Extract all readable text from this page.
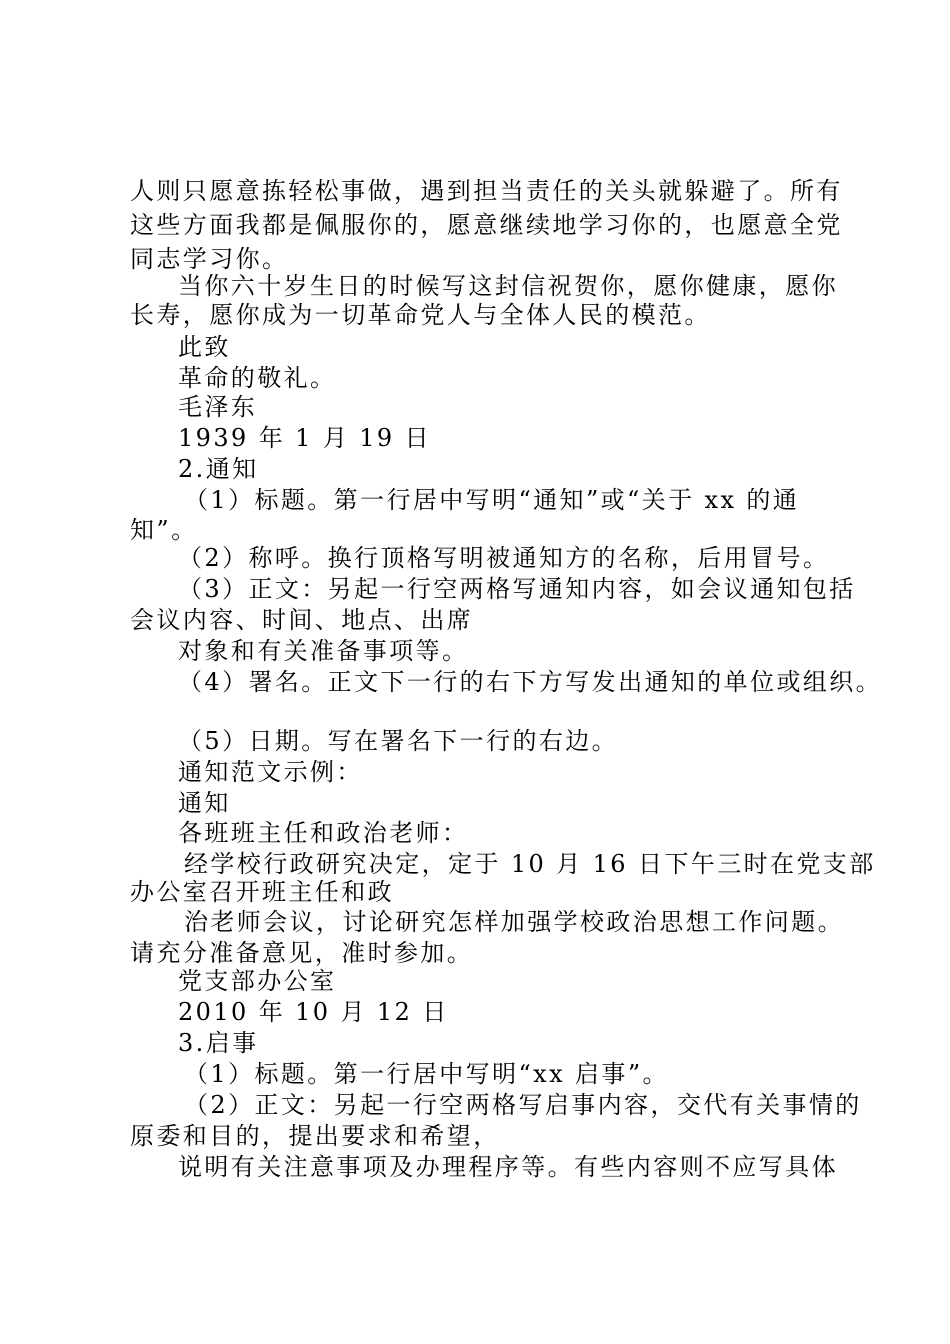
人则只愿意拣轻松事做，遇到担当责任的关头就躲避了。所有
这些方面我都是佩服你的，愿意继续地学习你的，也愿意全党
同志学习你。
当你六十岁生日的时候写这封信祝贺你，愿你健康，愿你
长寿，愿你成为一切革命党人与全体人民的模范。
此致
革命的敬礼。
毛泽东
1939 年 1 月 19 日
2.通知
（1）标题。第一行居中写明“通知”或“关于 xx 的通
知”。
（2）称呼。换行顶格写明被通知方的名称，后用冒号。
（3）正文：另起一行空两格写通知内容，如会议通知包括
会议内容、时间、地点、出席
对象和有关准备事项等。
（4）署名。正文下一行的右下方写发出通知的单位或组织。
（5）日期。写在署名下一行的右边。
通知范文示例：
通知
各班班主任和政治老师：
经学校行政研究决定，定于 10 月 16 日下午三时在党支部
办公室召开班主任和政
治老师会议，讨论研究怎样加强学校政治思想工作问题。
请充分准备意见，准时参加。
党支部办公室
2010 年 10 月 12 日
3.启事
（1）标题。第一行居中写明“xx 启事”。
（2）正文：另起一行空两格写启事内容，交代有关事情的
原委和目的，提出要求和希望，
说明有关注意事项及办理程序等。有些内容则不应写具体
